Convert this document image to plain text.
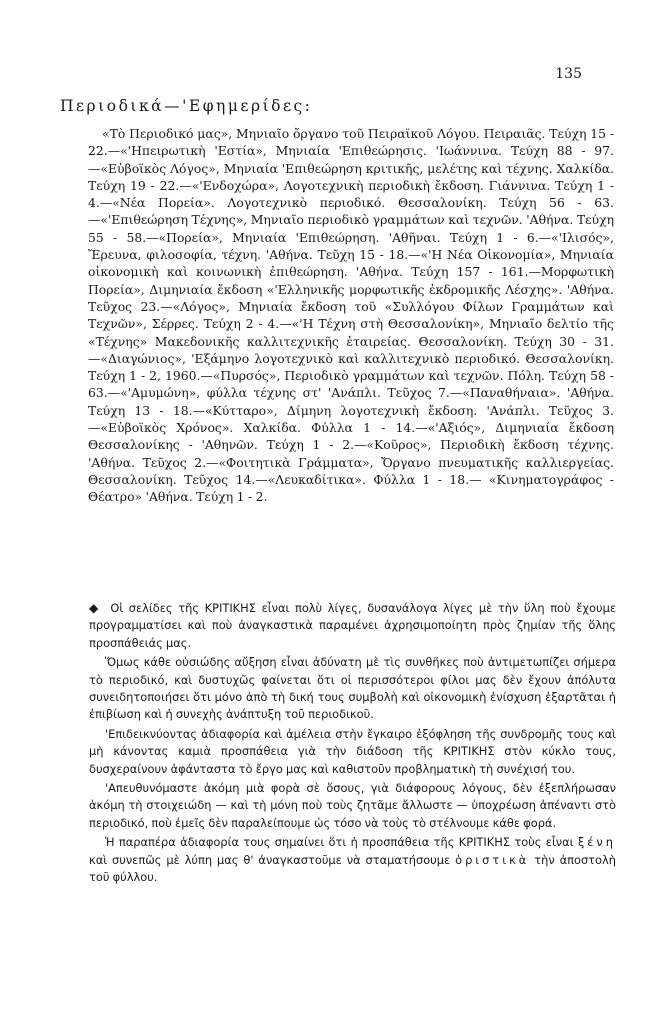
135
Περιοδικά—'Εφημερίδες:

«Τὸ Περιοδικό μας», Μηνιαῖο ὄργανο τοῦ Πειραϊκοῦ Λόγου. Πειραιᾶς. Τεύχη 15 - 22.—«'Ηπειρωτικὴ 'Εστία», Μηνιαία 'Επιθεώρησις. 'Ιωάννινα. Τεύχη 88 - 97.—«Εὐβοϊκὸς Λόγος», Μηνιαία 'Επιθεώρηση κριτικῆς, μελέτης καὶ τέχνης. Χαλκίδα. Τεύχη 19 - 22.—«'Ενδοχώρα», Λογοτεχνικὴ περιοδικὴ ἔκδοση. Γιάννινα. Τεύχη 1 - 4.—«Νέα Πορεία». Λογοτεχνικὸ περιοδικό. Θεσσαλονίκη. Τεύχη 56 - 63.—«'Επιθεώρηση Τέχνης», Μηνιαῖο περιοδικὸ γραμμάτων καὶ τεχνῶν. 'Αθήνα. Τεύχη 55 - 58.—«Πορεία», Μηνιαία 'Επιθεώρηση. 'Αθῆναι. Τεύχη 1 - 6.—«'Ιλισός», Ἔρευνα, φιλοσοφία, τέχνη. 'Αθήνα. Τεῦχη 15 - 18.—«'Η Νέα Οἰκονομία», Μηνιαία οἰκονομικὴ καὶ κοινωνικὴ ἐπιθεώρηση. 'Αθήνα. Τεύχη 157 - 161.—Μορφωτικὴ Πορεία», Διμηνιαία ἔκδοση «'Ελληνικῆς μορφωτικῆς ἐκδρομικῆς Λέσχης». 'Αθήνα. Τεῦχος 23.—«Λόγος», Μηνιαία ἔκδοση τοῦ «Συλλόγου Φίλων Γραμμάτων καὶ Τεχνῶν», Σέρρες. Τεύχη 2 - 4.—«'Η Τέχνη στὴ Θεσσαλονίκη», Μηνιαῖο δελτίο τῆς «Τέχνης» Μακεδονικῆς καλλιτεχνικῆς ἑταιρείας. Θεσσαλονίκη. Τεύχη 30 - 31.—«Διαγώνιος», 'Εξάμηνο λογοτεχνικὸ καὶ καλλιτεχνικὸ περιοδικό. Θεσσαλονίκη. Τεύχη 1 - 2, 1960.—«Πυρσός», Περιοδικὸ γραμμάτων καὶ τεχνῶν. Πόλη. Τεύχη 58 - 63.—«'Αμυμώνη», φύλλα τέχνης στ' 'Ανάπλι. Τεῦχος 7.—«Παναθήναια». 'Αθήνα. Τεύχη 13 - 18.—«Κύτταρο», Δίμηνη λογοτεχνικὴ ἔκδοση. 'Ανάπλι. Τεῦχος 3.—«Εὐβοϊκὸς Χρόνος». Χαλκίδα. Φύλλα 1 - 14.—«'Αξιός», Διμηνιαία ἔκδοση Θεσσαλονίκης - 'Αθηνῶν. Τεύχη 1 - 2.—«Κοῦρος», Περιοδικὴ ἔκδοση τέχνης. 'Αθήνα. Τεῦχος 2.—«Φοιτητικὰ Γράμματα», Ὄργανο πνευματικῆς καλλιεργείας. Θεσσαλονίκη. Τεῦχος 14.—«Λευκαδίτικα». Φύλλα 1 - 18.— «Κινηματογράφος - Θέατρο» 'Αθήνα. Τεύχη 1 - 2.

◆ Οἱ σελίδες τῆς ΚΡΙΤΙΚΗΣ εἶναι πολὺ λίγες, δυσανάλογα λίγες μὲ τὴν ὕλη ποὺ ἔχουμε προγραμματίσει καὶ ποὺ ἀναγκαστικὰ παραμένει ἀχρησιμοποίητη πρὸς ζημίαν τῆς ὅλης προσπάθειάς μας.

Ὅμως κάθε οὐσιώδης αὔξηση εἶναι ἀδύνατη μὲ τὶς συνθῆκες ποὺ ἀντιμετωπίζει σήμερα τὸ περιοδικό, καὶ δυστυχῶς φαίνεται ὅτι οἱ περισσότεροι φίλοι μας δὲν ἔχουν ἀπόλυτα συνειδητοποιήσει ὅτι μόνο ἀπὸ τὴ δική τους συμβολὴ καὶ οἰκονομικὴ ἐνίσχυση ἐξαρτᾶται ἡ ἐπιβίωση καὶ ἡ συνεχὴς ἀνάπτυξη τοῦ περιοδικοῦ.

'Επιδεικνύοντας ἀδιαφορία καὶ ἀμέλεια στὴν ἔγκαιρο ἐξόφληση τῆς συνδρομῆς τους καὶ μὴ κάνοντας καμιὰ προσπάθεια γιὰ τὴν διάδοση τῆς ΚΡΙΤΙΚΗΣ στὸν κύκλο τους, δυσχεραίνουν ἀφάνταστα τὸ ἔργο μας καὶ καθιστοῦν προβληματικὴ τὴ συνέχισή του.

'Απευθυνόμαστε ἀκόμη μιὰ φορὰ σὲ ὅσους, γιὰ διάφορους λόγους, δὲν ἐξεπλήρωσαν ἀκόμη τὴ στοιχειώδη — καὶ τὴ μόνη ποὺ τοὺς ζητᾶμε ἄλλωστε — ὑποχρέωση ἀπέναντι στὸ περιοδικό, ποὺ ἐμεῖς δὲν παραλείπουμε ὡς τόσο νὰ τοὺς τὸ στέλνουμε κάθε φορά.

Ἡ παραπέρα ἀδιαφορία τους σημαίνει ὅτι ἡ προσπάθεια τῆς ΚΡΙΤΙΚΗΣ τοὺς εἶναι ξένη καὶ συνεπῶς μὲ λύπη μας θ' ἀναγκαστοῦμε νὰ σταματήσουμε ὁριστικὰ τὴν ἀποστολὴ τοῦ φύλλου.
